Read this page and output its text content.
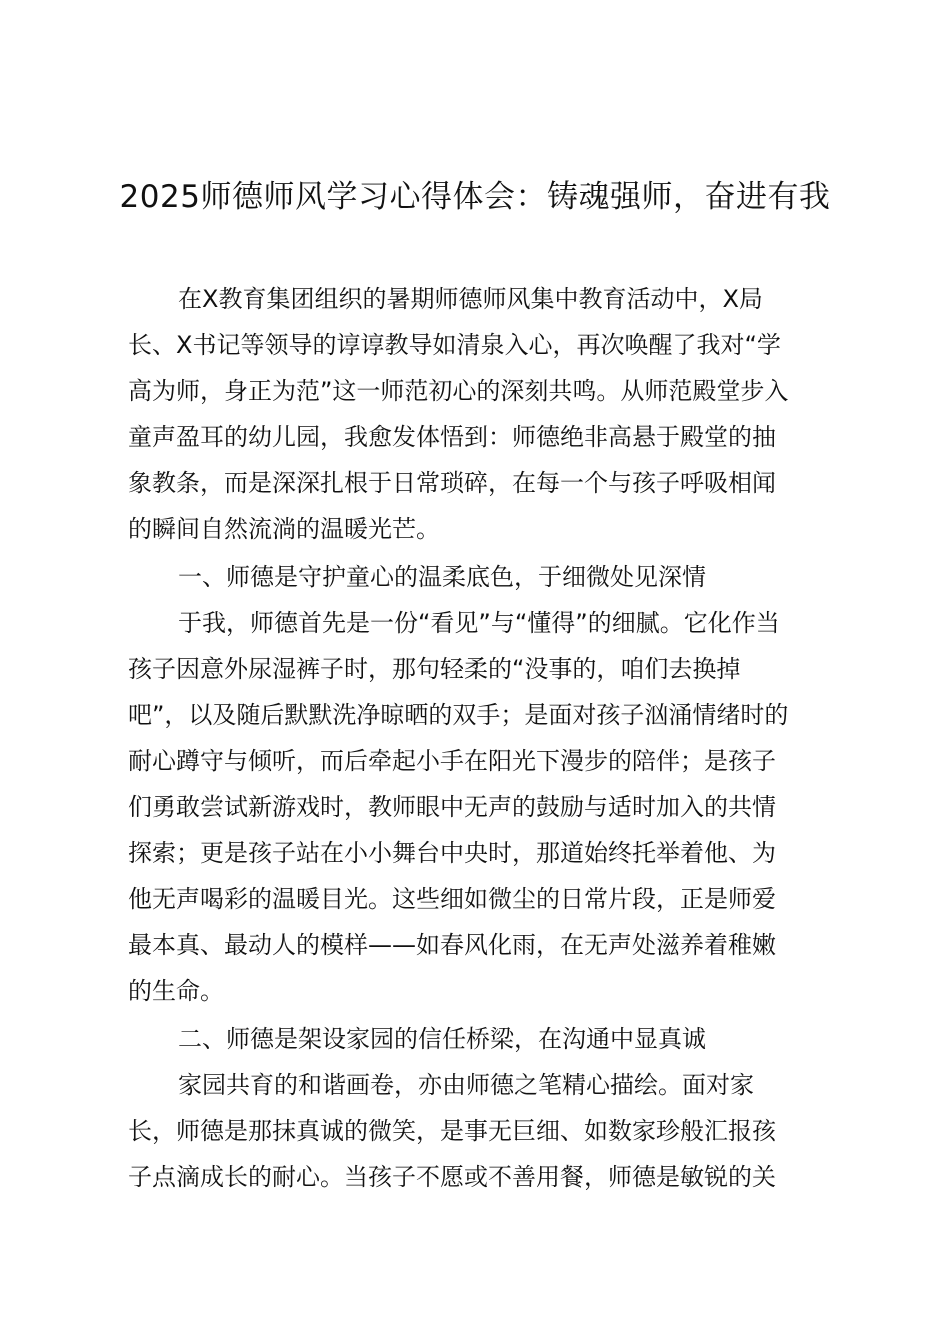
2025师德师风学习心得体会：铸魂强师，奋进有我

在X教育集团组织的暑期师德师风集中教育活动中，X局

长、X书记等领导的谆谆教导如清泉入心，再次唤醒了我对“学

高为师，身正为范”这一师范初心的深刻共鸣。从师范殿堂步入

童声盈耳的幼儿园，我愈发体悟到：师德绝非高悬于殿堂的抽

象教条，而是深深扎根于日常琐碎，在每一个与孩子呼吸相闻

的瞬间自然流淌的温暖光芒。

一、师德是守护童心的温柔底色，于细微处见深情

于我，师德首先是一份“看见”与“懂得”的细腻。它化作当

孩子因意外尿湿裤子时，那句轻柔的“没事的，咱们去换掉

吧”，以及随后默默洗净晾晒的双手；是面对孩子汹涌情绪时的

耐心蹲守与倾听，而后牵起小手在阳光下漫步的陪伴；是孩子

们勇敢尝试新游戏时，教师眼中无声的鼓励与适时加入的共情

探索；更是孩子站在小小舞台中央时，那道始终托举着他、为

他无声喝彩的温暖目光。这些细如微尘的日常片段，正是师爱

最本真、最动人的模样——如春风化雨，在无声处滋养着稚嫩

的生命。

二、师德是架设家园的信任桥梁，在沟通中显真诚

家园共育的和谐画卷，亦由师德之笔精心描绘。面对家

长，师德是那抹真诚的微笑，是事无巨细、如数家珍般汇报孩

子点滴成长的耐心。当孩子不愿或不善用餐，师德是敏锐的关
